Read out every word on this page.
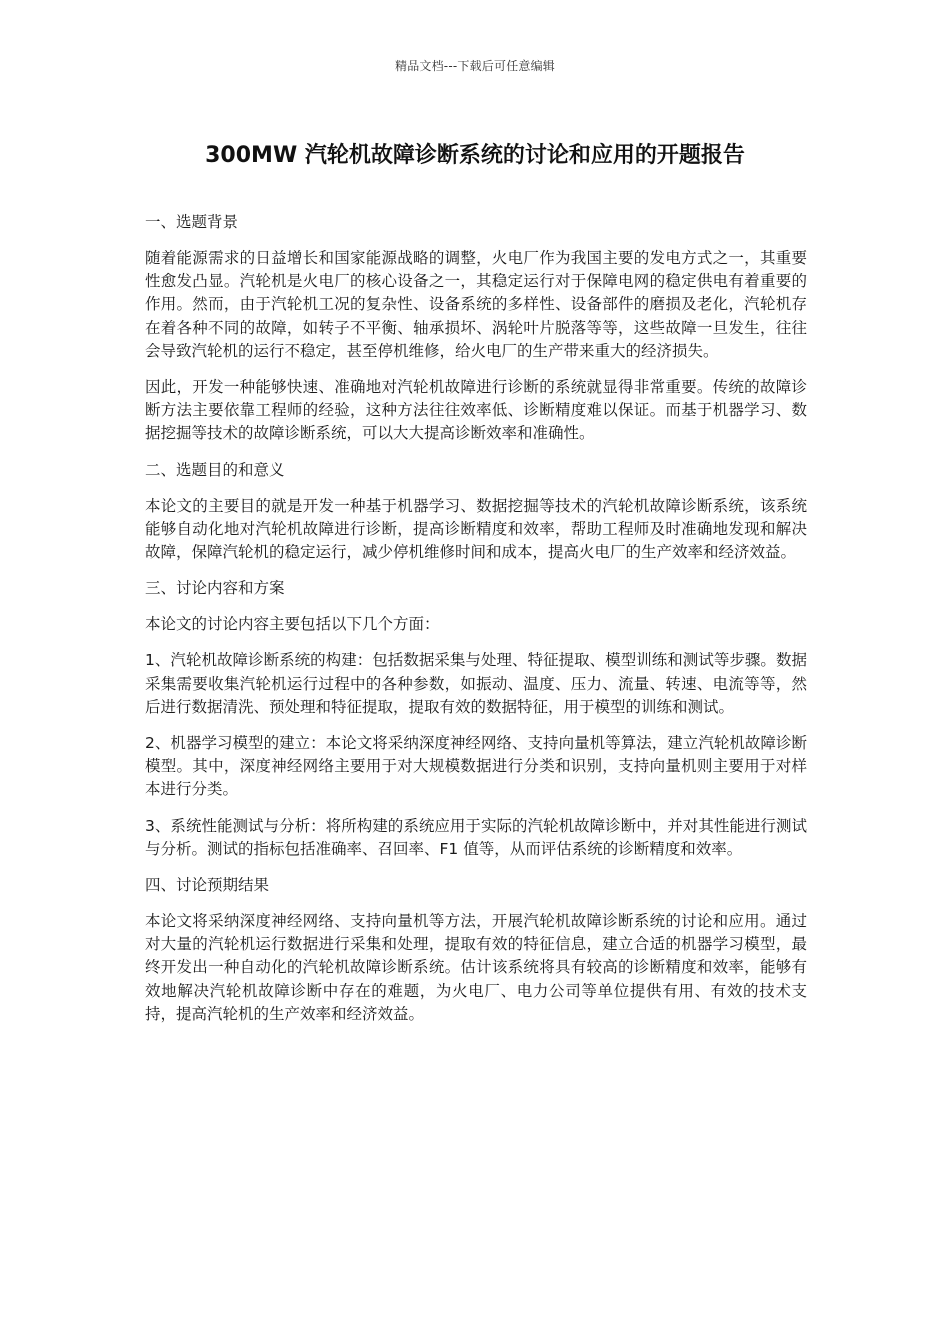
精品文档---下载后可任意编辑
300MW 汽轮机故障诊断系统的讨论和应用的开题报告

一、选题背景

随着能源需求的日益增长和国家能源战略的调整，火电厂作为我国主要的发电方式之一，其重要性愈发凸显。汽轮机是火电厂的核心设备之一，其稳定运行对于保障电网的稳定供电有着重要的作用。然而，由于汽轮机工况的复杂性、设备系统的多样性、设备部件的磨损及老化，汽轮机存在着各种不同的故障，如转子不平衡、轴承损坏、涡轮叶片脱落等等，这些故障一旦发生，往往会导致汽轮机的运行不稳定，甚至停机维修，给火电厂的生产带来重大的经济损失。

因此，开发一种能够快速、准确地对汽轮机故障进行诊断的系统就显得非常重要。传统的故障诊断方法主要依靠工程师的经验，这种方法往往效率低、诊断精度难以保证。而基于机器学习、数据挖掘等技术的故障诊断系统，可以大大提高诊断效率和准确性。

二、选题目的和意义

本论文的主要目的就是开发一种基于机器学习、数据挖掘等技术的汽轮机故障诊断系统，该系统能够自动化地对汽轮机故障进行诊断，提高诊断精度和效率，帮助工程师及时准确地发现和解决故障，保障汽轮机的稳定运行，减少停机维修时间和成本，提高火电厂的生产效率和经济效益。

三、讨论内容和方案

本论文的讨论内容主要包括以下几个方面：

1、汽轮机故障诊断系统的构建：包括数据采集与处理、特征提取、模型训练和测试等步骤。数据采集需要收集汽轮机运行过程中的各种参数，如振动、温度、压力、流量、转速、电流等等，然后进行数据清洗、预处理和特征提取，提取有效的数据特征，用于模型的训练和测试。

2、机器学习模型的建立：本论文将采纳深度神经网络、支持向量机等算法，建立汽轮机故障诊断模型。其中，深度神经网络主要用于对大规模数据进行分类和识别，支持向量机则主要用于对样本进行分类。

3、系统性能测试与分析：将所构建的系统应用于实际的汽轮机故障诊断中，并对其性能进行测试与分析。测试的指标包括准确率、召回率、F1 值等，从而评估系统的诊断精度和效率。

四、讨论预期结果

本论文将采纳深度神经网络、支持向量机等方法，开展汽轮机故障诊断系统的讨论和应用。通过对大量的汽轮机运行数据进行采集和处理，提取有效的特征信息，建立合适的机器学习模型，最终开发出一种自动化的汽轮机故障诊断系统。估计该系统将具有较高的诊断精度和效率，能够有效地解决汽轮机故障诊断中存在的难题，为火电厂、电力公司等单位提供有用、有效的技术支持，提高汽轮机的生产效率和经济效益。
